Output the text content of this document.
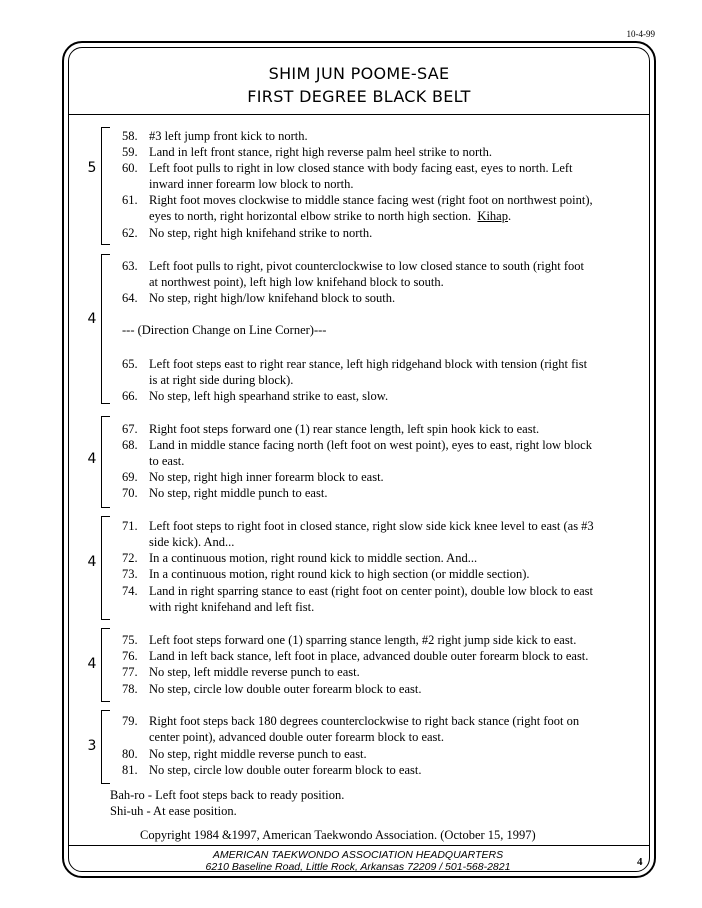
10-4-99
SHIM JUN POOME-SAE
FIRST DEGREE BLACK BELT
5
58. #3 left jump front kick to north.
59. Land in left front stance, right high reverse palm heel strike to north.
60. Left foot pulls to right in low closed stance with body facing east, eyes to north. Left
inward inner forearm low block to north.
61. Right foot moves clockwise to middle stance facing west (right foot on northwest point),
eyes to north, right horizontal elbow strike to north high section. Kihap.
62. No step, right high knifehand strike to north.
4
63. Left foot pulls to right, pivot counterclockwise to low closed stance to south (right foot
at northwest point), left high low knifehand block to south.
64. No step, right high/low knifehand block to south.
--- (Direction Change on Line Corner)---
65. Left foot steps east to right rear stance, left high ridgehand block with tension (right fist
is at right side during block).
66. No step, left high spearhand strike to east, slow.
4
67. Right foot steps forward one (1) rear stance length, left spin hook kick to east.
68. Land in middle stance facing north (left foot on west point), eyes to east, right low block
to east.
69. No step, right high inner forearm block to east.
70. No step, right middle punch to east.
4
71. Left foot steps to right foot in closed stance, right slow side kick knee level to east (as #3
side kick). And...
72. In a continuous motion, right round kick to middle section. And...
73. In a continuous motion, right round kick to high section (or middle section).
74. Land in right sparring stance to east (right foot on center point), double low block to east
with right knifehand and left fist.
4
75. Left foot steps forward one (1) sparring stance length, #2 right jump side kick to east.
76. Land in left back stance, left foot in place, advanced double outer forearm block to east.
77. No step, left middle reverse punch to east.
78. No step, circle low double outer forearm block to east.
3
79. Right foot steps back 180 degrees counterclockwise to right back stance (right foot on
center point), advanced double outer forearm block to east.
80. No step, right middle reverse punch to east.
81. No step, circle low double outer forearm block to east.
Bah-ro - Left foot steps back to ready position.
Shi-uh - At ease position.
Copyright 1984 &1997, American Taekwondo Association. (October 15, 1997)
AMERICAN TAEKWONDO ASSOCIATION HEADQUARTERS
6210 Baseline Road, Little Rock, Arkansas 72209 / 501-568-2821	4
